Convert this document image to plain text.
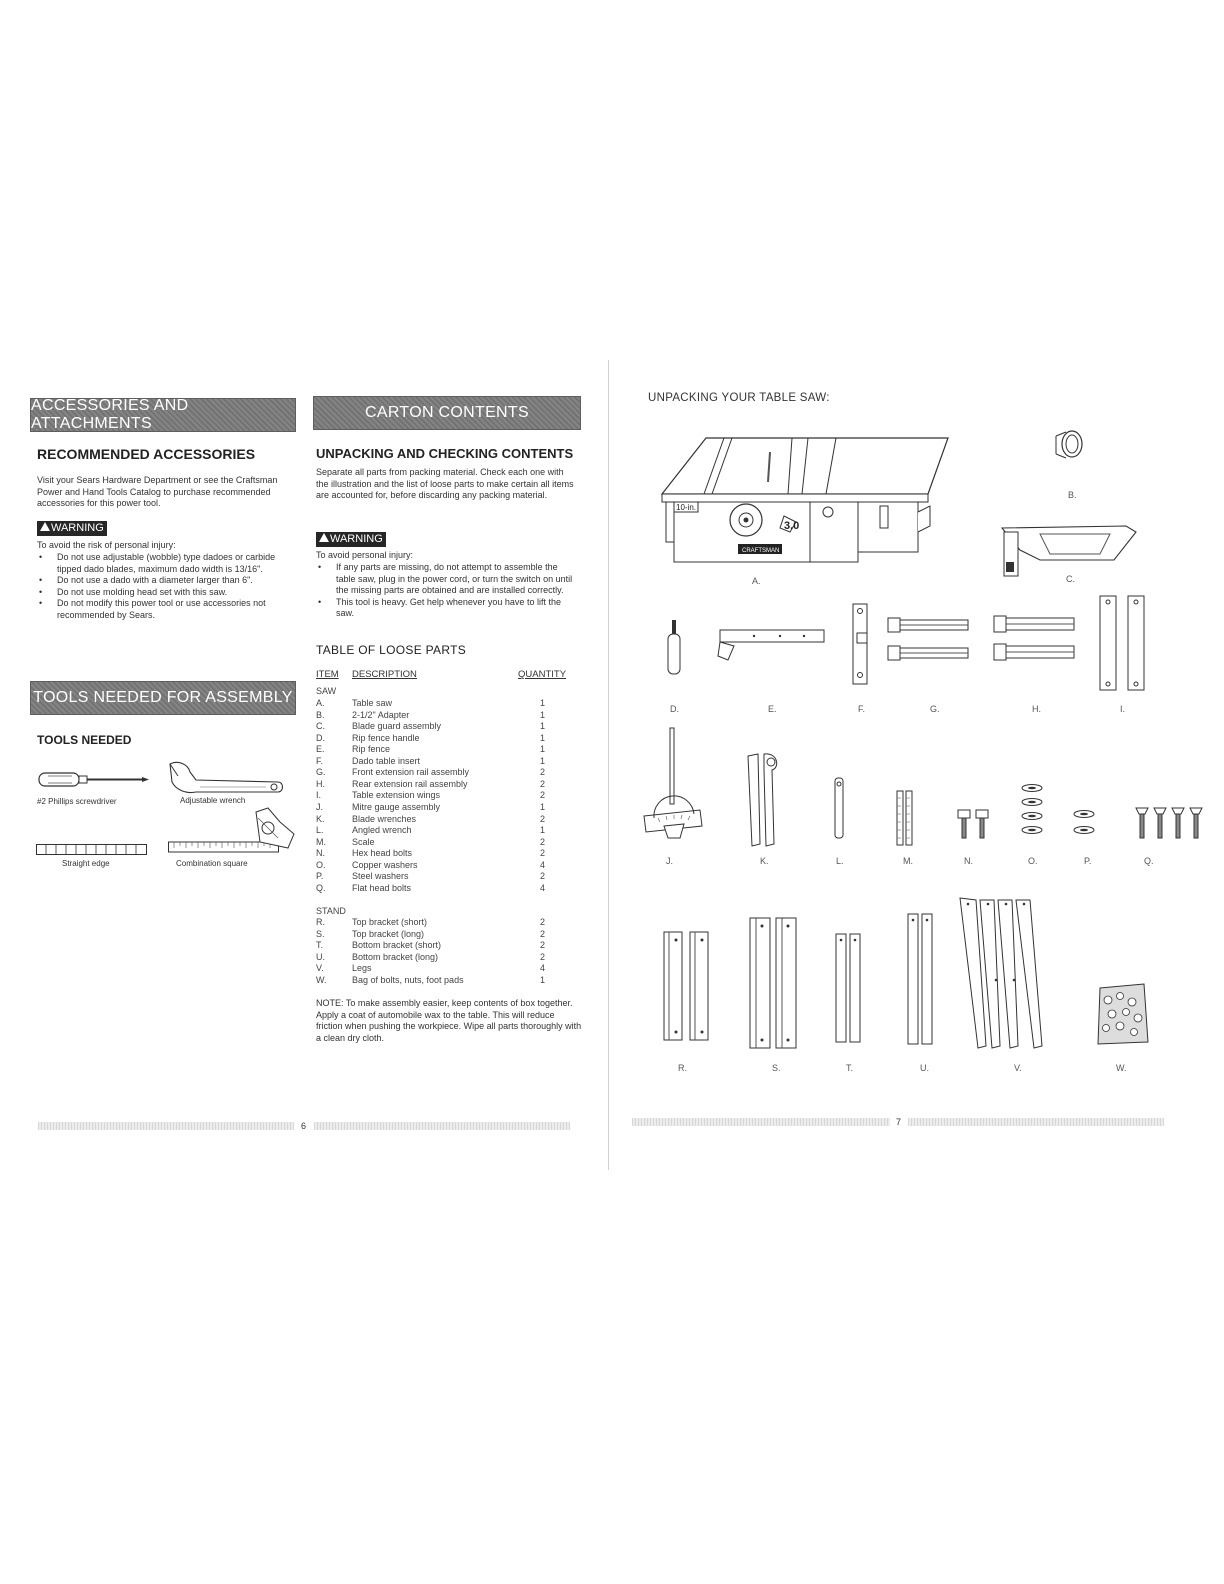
ACCESSORIES AND ATTACHMENTS
RECOMMENDED ACCESSORIES
Visit your Sears Hardware Department or see the Craftsman Power and Hand Tools Catalog to purchase recommended accessories for this power tool.
WARNING
To avoid the risk of personal injury:
• Do not use adjustable (wobble) type dadoes or carbide tipped dado blades, maximum dado width is 13/16".
• Do not use a dado with a diameter larger than 6".
• Do not use molding head set with this saw.
• Do not modify this power tool or use accessories not recommended by Sears.
TOOLS NEEDED FOR ASSEMBLY
TOOLS NEEDED
#2 Phillips screwdriver	Adjustable wrench
Straight edge	Combination square
6
CARTON CONTENTS
UNPACKING AND CHECKING CONTENTS
Separate all parts from packing material. Check each one with the illustration and the list of loose parts to make certain all items are accounted for, before discarding any packing material.
WARNING
To avoid personal injury:
• If any parts are missing, do not attempt to assemble the table saw, plug in the power cord, or turn the switch on until the missing parts are obtained and are installed correctly.
• This tool is heavy. Get help whenever you have to lift the saw.
TABLE OF LOOSE PARTS
ITEM DESCRIPTION	QUANTITY
SAW
A.	Table saw	1
B.	2-1/2" Adapter	1
C.	Blade guard assembly	1
D.	Rip fence handle	1
E.	Rip fence	1
F.	Dado table insert	1
G.	Front extension rail assembly	2
H.	Rear extension rail assembly	2
I.	Table extension wings	2
J.	Mitre gauge assembly	1
K.	Blade wrenches	2
L.	Angled wrench	1
M.	Scale	2
N.	Hex head bolts	2
O.	Copper washers	4
P.	Steel washers	2
Q.	Flat head bolts	4
STAND
R.	Top bracket (short)	2
S.	Top bracket (long)	2
T.	Bottom bracket (short)	2
U.	Bottom bracket (long)	2
V.	Legs	4
W.	Bag of bolts, nuts, foot pads	1
NOTE: To make assembly easier, keep contents of box together. Apply a coat of automobile wax to the table. This will reduce friction when pushing the workpiece. Wipe all parts thoroughly with a clean dry cloth.
UNPACKING YOUR TABLE SAW:
10-in.
3.0
CRAFTSMAN
A.
B.
C.
D.	E.	F.	G.	H.	I.
J.	K.	L.	M.	N.	O.	P.	Q.
R.	S.	T.	U.	V.	W.
7
